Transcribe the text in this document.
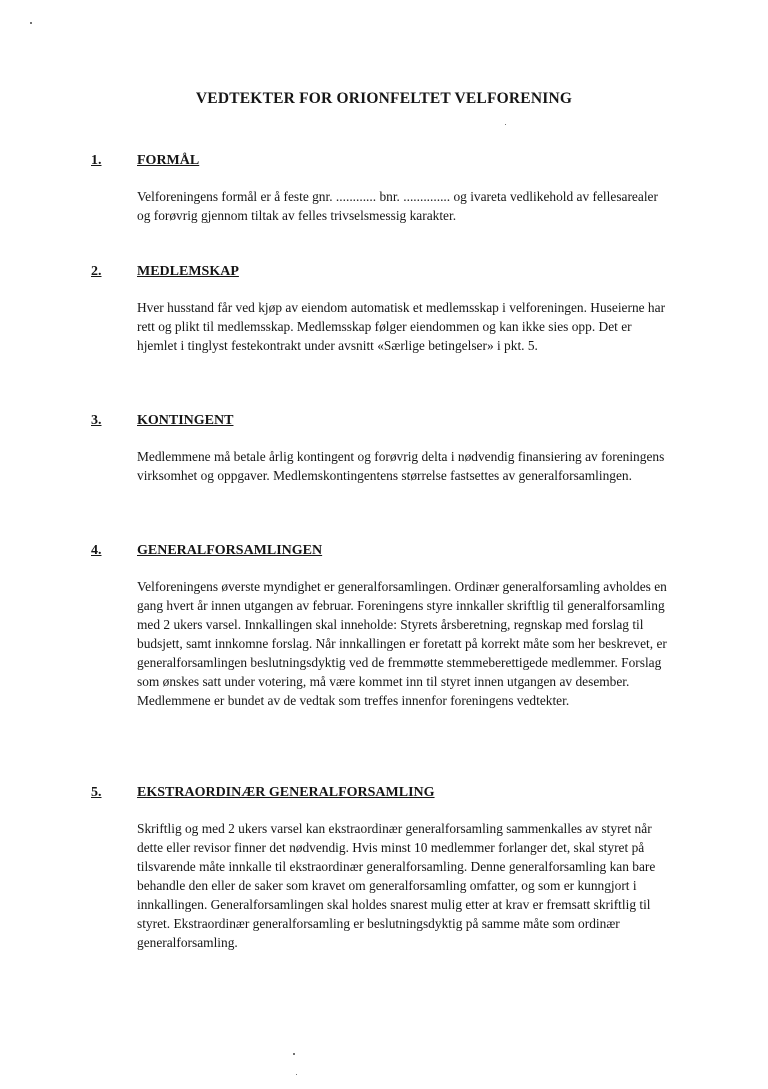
VEDTEKTER FOR ORIONFELTET VELFORENING
1.	FORMÅL
Velforeningens formål er å feste gnr. ............ bnr. .............. og ivareta vedlikehold av fellesarealer og forøvrig gjennom tiltak av felles trivselsmessig karakter.
2.	MEDLEMSKAP
Hver husstand får ved kjøp av eiendom automatisk et medlemsskap i velforeningen. Huseierne har rett og plikt til medlemsskap. Medlemsskap følger eiendommen og kan ikke sies opp. Det er hjemlet i tinglyst festekontrakt under avsnitt «Særlige betingelser» i pkt. 5.
3.	KONTINGENT
Medlemmene må betale årlig kontingent og forøvrig delta i nødvendig finansiering av foreningens virksomhet og oppgaver. Medlemskontingentens størrelse fastsettes av generalforsamlingen.
4.	GENERALFORSAMLINGEN
Velforeningens øverste myndighet er generalforsamlingen. Ordinær generalforsamling avholdes en gang hvert år innen utgangen av februar. Foreningens styre innkaller skriftlig til generalforsamling med 2 ukers varsel. Innkallingen skal inneholde: Styrets årsberetning, regnskap med forslag til budsjett, samt innkomne forslag. Når innkallingen er foretatt på korrekt måte som her beskrevet, er generalforsamlingen beslutningsdyktig ved de fremmøtte stemmeberettigede medlemmer. Forslag som ønskes satt under votering, må være kommet inn til styret innen utgangen av desember. Medlemmene er bundet av de vedtak som treffes innenfor foreningens vedtekter.
5.	EKSTRAORDINÆR GENERALFORSAMLING
Skriftlig og med 2 ukers varsel kan ekstraordinær generalforsamling sammenkalles av styret når dette eller revisor finner det nødvendig. Hvis minst 10 medlemmer forlanger det, skal styret på tilsvarende måte innkalle til ekstraordinær generalforsamling. Denne generalforsamling kan bare behandle den eller de saker som kravet om generalforsamling omfatter, og som er kunngjort i innkallingen. Generalforsamlingen skal holdes snarest mulig etter at krav er fremsatt skriftlig til styret. Ekstraordinær generalforsamling er beslutningsdyktig på samme måte som ordinær generalforsamling.
